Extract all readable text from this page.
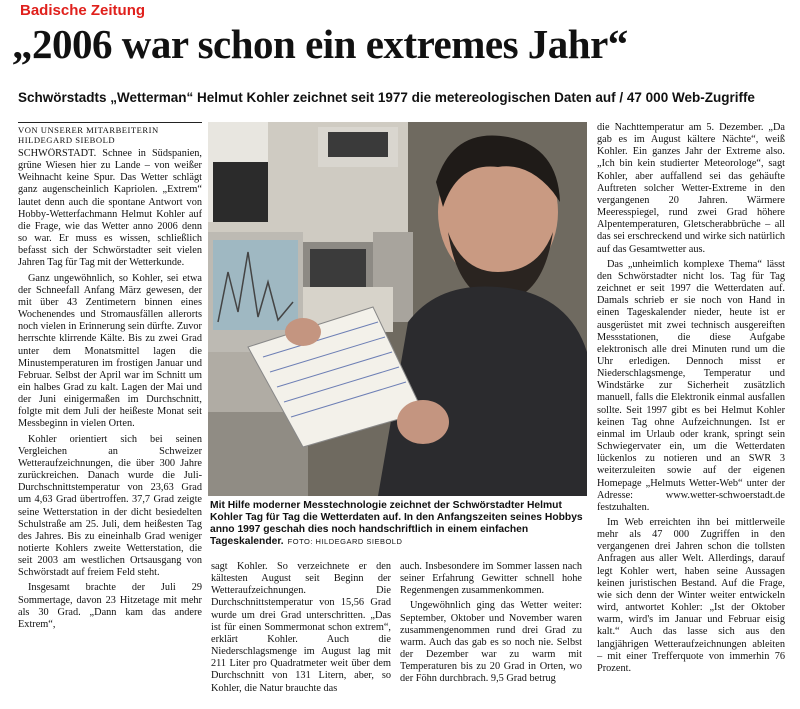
Badische Zeitung
„2006 war schon ein extremes Jahr“
Schwörstadts „Wetterman“ Helmut Kohler zeichnet seit 1977 die metereologischen Daten auf / 47 000 Web-Zugriffe
VON UNSERER MITARBEITERIN
HILDEGARD SIEBOLD

SCHWÖRSTADT. Schnee in Südspanien, grüne Wiesen hier zu Lande – von weißer Weihnacht keine Spur. Das Wetter schlägt ganz augenscheinlich Kapriolen. „Extrem“ lautet denn auch die spontane Antwort von Hobby-Wetterfachmann Helmut Kohler auf die Frage, wie das Wetter anno 2006 denn so war. Er muss es wissen, schließlich befasst sich der Schwörstadter seit vielen Jahren Tag für Tag mit der Wetterkunde.

Ganz ungewöhnlich, so Kohler, sei etwa der Schneefall Anfang März gewesen, der mit über 43 Zentimetern binnen eines Wochenendes und Stromausfällen allerorts noch vielen in Erinnerung sein dürfte. Zuvor herrschte klirrende Kälte. Bis zu zwei Grad unter dem Monatsmittel lagen die Minustemperaturen im frostigen Januar und Februar. Selbst der April war im Schnitt um ein halbes Grad zu kalt. Lagen der Mai und der Juni einigermaßen im Durchschnitt, folgte mit dem Juli der heißeste Monat seit Messbeginn in vielen Orten.

Kohler orientiert sich bei seinen Vergleichen an Schweizer Wetteraufzeichnungen, die über 300 Jahre zurückreichen. Danach wurde die Juli-Durchschnittstemperatur von 23,63 Grad um 4,63 Grad übertroffen. 37,7 Grad zeigte seine Wetterstation in der dicht besiedelten Schulstraße am 25. Juli, dem heißesten Tag des Jahres. Bis zu eineinhalb Grad weniger notierte Kohlers zweite Wetterstation, die seit 2003 am westlichen Ortsausgang von Schwörstadt auf freiem Feld steht.

Insgesamt brachte der Juli 29 Sommertage, davon 23 Hitzetage mit mehr als 30 Grad. „Dann kam das andere Extrem“,

Mit Hilfe moderner Messtechnologie zeichnet der Schwörstadter Helmut Kohler Tag für Tag die Wetterdaten auf. In den Anfangszeiten seines Hobbys anno 1997 geschah dies noch handschriftlich in einem einfachen Tageskalender. FOTO: HILDEGARD SIEBOLD

sagt Kohler. So verzeichnete er den kältesten August seit Beginn der Wetteraufzeichnungen. Die Durchschnittstemperatur von 15,56 Grad wurde um drei Grad unterschritten. „Das ist für einen Sommermonat schon extrem“, erklärt Kohler. Auch die Niederschlagsmenge im August lag mit 211 Liter pro Quadratmeter weit über dem Durchschnitt von 131 Litern, aber, so Kohler, die Natur brauchte das

auch. Insbesondere im Sommer lassen nach seiner Erfahrung Gewitter schnell hohe Regenmengen zusammenkommen.

Ungewöhnlich ging das Wetter weiter: September, Oktober und November waren zusammengenommen rund drei Grad zu warm. Auch das gab es so noch nie. Selbst der Dezember war zu warm mit Temperaturen bis zu 20 Grad in Orten, wo der Föhn durchbrach. 9,5 Grad betrug

die Nachttemperatur am 5. Dezember. „Da gab es im August kältere Nächte“, weiß Kohler. Ein ganzes Jahr der Extreme also. „Ich bin kein studierter Meteorologe“, sagt Kohler, aber auffallend sei das gehäufte Auftreten solcher Wetter-Extreme in den vergangenen 20 Jahren. Wärmere Meeresspiegel, rund zwei Grad höhere Alpentemperaturen, Gletscherabbrüche – all das sei erschreckend und wirke sich natürlich auf das Gesamtwetter aus.

Das „unheimlich komplexe Thema“ lässt den Schwörstadter nicht los. Tag für Tag zeichnet er seit 1997 die Wetterdaten auf. Damals schrieb er sie noch von Hand in einen Tageskalender nieder, heute ist er ausgerüstet mit zwei technisch ausgereiften Messstationen, die diese Aufgabe elektronisch alle drei Minuten rund um die Uhr erledigen. Dennoch misst er Niederschlagsmenge, Temperatur und Windstärke zur Sicherheit zusätzlich manuell, falls die Elektronik einmal ausfallen sollte. Seit 1997 gibt es bei Helmut Kohler keinen Tag ohne Aufzeichnungen. Ist er einmal im Urlaub oder krank, springt sein Schwiegervater ein, um die Wetterdaten lückenlos zu notieren und an SWR 3 weiterzuleiten sowie auf der eigenen Homepage „Helmuts Wetter-Web“ unter der Adresse: www.wetter-schwoerstadt.de festzuhalten.

Im Web erreichten ihn bei mittlerweile mehr als 47 000 Zugriffen in den vergangenen drei Jahren schon die tollsten Anfragen aus aller Welt. Allerdings, darauf legt Kohler wert, haben seine Aussagen keinen juristischen Bestand. Auf die Frage, wie sich denn der Winter weiter entwickeln wird, antwortet Kohler: „Ist der Oktober warm, wird's im Januar und Februar eisig kalt.“ Auch das lasse sich aus den langjährigen Wetteraufzeichnungen ableiten – mit einer Trefferquote von immerhin 76 Prozent.
